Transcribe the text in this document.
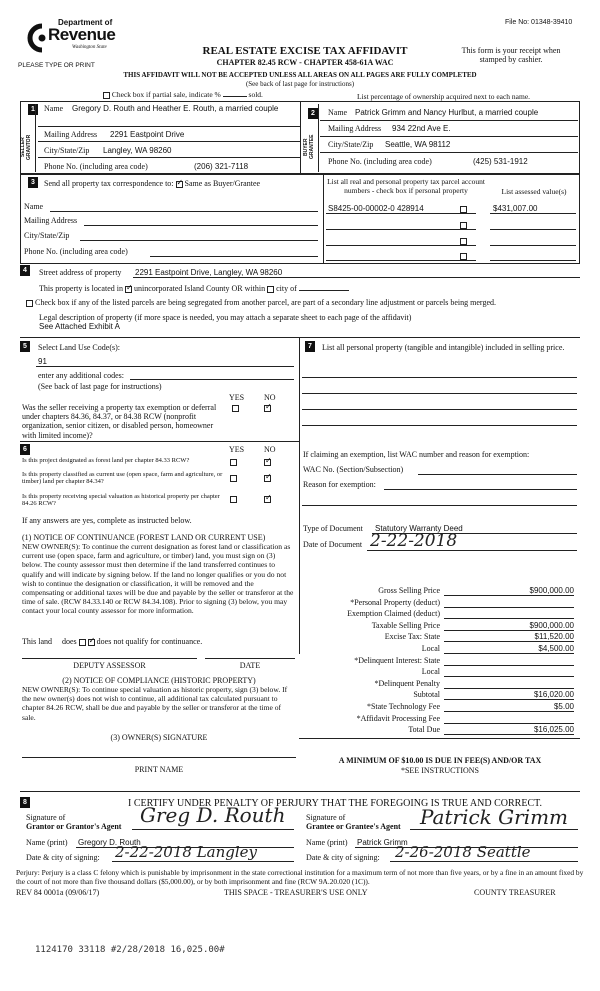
File No: 01348-39410
Department of
Revenue
Washington State
PLEASE TYPE OR PRINT
REAL ESTATE EXCISE TAX AFFIDAVIT
CHAPTER 82.45 RCW - CHAPTER 458-61A WAC
This form is your receipt when stamped by cashier.
THIS AFFIDAVIT WILL NOT BE ACCEPTED UNLESS ALL AREAS ON ALL PAGES ARE FULLY COMPLETED
(See back of last page for instructions)
Check box if partial sale, indicate %	sold.	List percentage of ownership acquired next to each name.
1
SELLER GRANTOR
Name Gregory D. Routh and Heather E. Routh, a married couple
Mailing Address 2291 Eastpoint Drive
City/State/Zip Langley, WA 98260
Phone No. (including area code)	(206) 321-7118
2
BUYER GRANTEE
Name Patrick Grimm and Nancy Hurlbut, a married couple
Mailing Address 934 22nd Ave E.
City/State/Zip Seattle, WA 98112
Phone No. (including area code)	(425) 531-1912
3	Send all property tax correspondence to: ✓ Same as Buyer/Grantee
Name
Mailing Address
City/State/Zip
Phone No. (including area code)
List all real and personal property tax parcel account numbers - check box if personal property	List assessed value(s)
S8425-00-00002-0 428914	$431,007.00
4	Street address of property 2291 Eastpoint Drive, Langley, WA 98260
This property is located in ✓ unincorporated Island County OR within city of
Check box if any of the listed parcels are being segregated from another parcel, are part of a secondary line adjustment or parcels being merged.
Legal description of property (if more space is needed, you may attach a separate sheet to each page of the affidavit)
See Attached Exhibit A
5	Select Land Use Code(s):
91
enter any additional codes:
(See back of last page for instructions)
YES NO
Was the seller receiving a property tax exemption or deferral under chapters 84.36, 84.37, or 84.38 RCW (nonprofit organization, senior citizen, or disabled person, homeowner with limited income)?
✓
6	YES NO
Is this project designated as forest land per chapter 84.33 RCW?
✓
Is this property classified as current use (open space, farm and agriculture, or timber) land per chapter 84.34?
✓
Is this property receiving special valuation as historical property per chapter 84.26 RCW?
✓
If any answers are yes, complete as instructed below.
(1) NOTICE OF CONTINUANCE (FOREST LAND OR CURRENT USE)
NEW OWNER(S): To continue the current designation as forest land or classification as current use (open space, farm and agriculture, or timber) land, you must sign on (3) below. The county assessor must then determine if the land transferred continues to qualify and will indicate by signing below. If the land no longer qualifies or you do not wish to continue the designation or classification, it will be removed and the compensating or additional taxes will be due and payable by the seller or transferor at the time of sale. (RCW 84.33.140 or RCW 84.34.108). Prior to signing (3) below, you may contact your local county assessor for more information.
This land does ✓	does not qualify for continuance.
DEPUTY ASSESSOR	DATE
(2) NOTICE OF COMPLIANCE (HISTORIC PROPERTY)
NEW OWNER(S): To continue special valuation as historic property, sign (3) below. If the new owner(s) does not wish to continue, all additional tax calculated pursuant to chapter 84.26 RCW, shall be due and payable by the seller or transferor at the time of sale.
(3) OWNER(S) SIGNATURE
PRINT NAME
7	List all personal property (tangible and intangible) included in selling price.
If claiming an exemption, list WAC number and reason for exemption:
WAC No. (Section/Subsection)
Reason for exemption:
Type of Document Statutory Warranty Deed
Date of Document 2-22-2018
Gross Selling Price	$900,000.00
*Personal Property (deduct)
Exemption Claimed (deduct)
Taxable Selling Price	$900,000.00
Excise Tax: State	$11,520.00
Local	$4,500.00
*Delinquent Interest: State
Local
*Delinquent Penalty
Subtotal	$16,020.00
*State Technology Fee	$5.00
*Affidavit Processing Fee
Total Due	$16,025.00
A MINIMUM OF $10.00 IS DUE IN FEE(S) AND/OR TAX
*SEE INSTRUCTIONS
8	I CERTIFY UNDER PENALTY OF PERJURY THAT THE FOREGOING IS TRUE AND CORRECT.
Signature of
Grantor or Grantor's Agent Greg D. Routh
Name (print) Gregory D. Routh
Date & city of signing: 2-22-2018 Langley
Signature of
Grantee or Grantee's Agent Patrick Grimm
Name (print) Patrick Grimm
Date & city of signing: 2-26-2018 Seattle
Perjury: Perjury is a class C felony which is punishable by imprisonment in the state correctional institution for a maximum term of not more than five years, or by a fine in an amount fixed by the court of not more than five thousand dollars ($5,000.00), or by both imprisonment and fine (RCW 9A.20.020 (1C)).
REV 84 0001a (09/06/17)	THIS SPACE - TREASURER'S USE ONLY	COUNTY TREASURER
1124170 33118 #2/28/2018 16,025.00#
